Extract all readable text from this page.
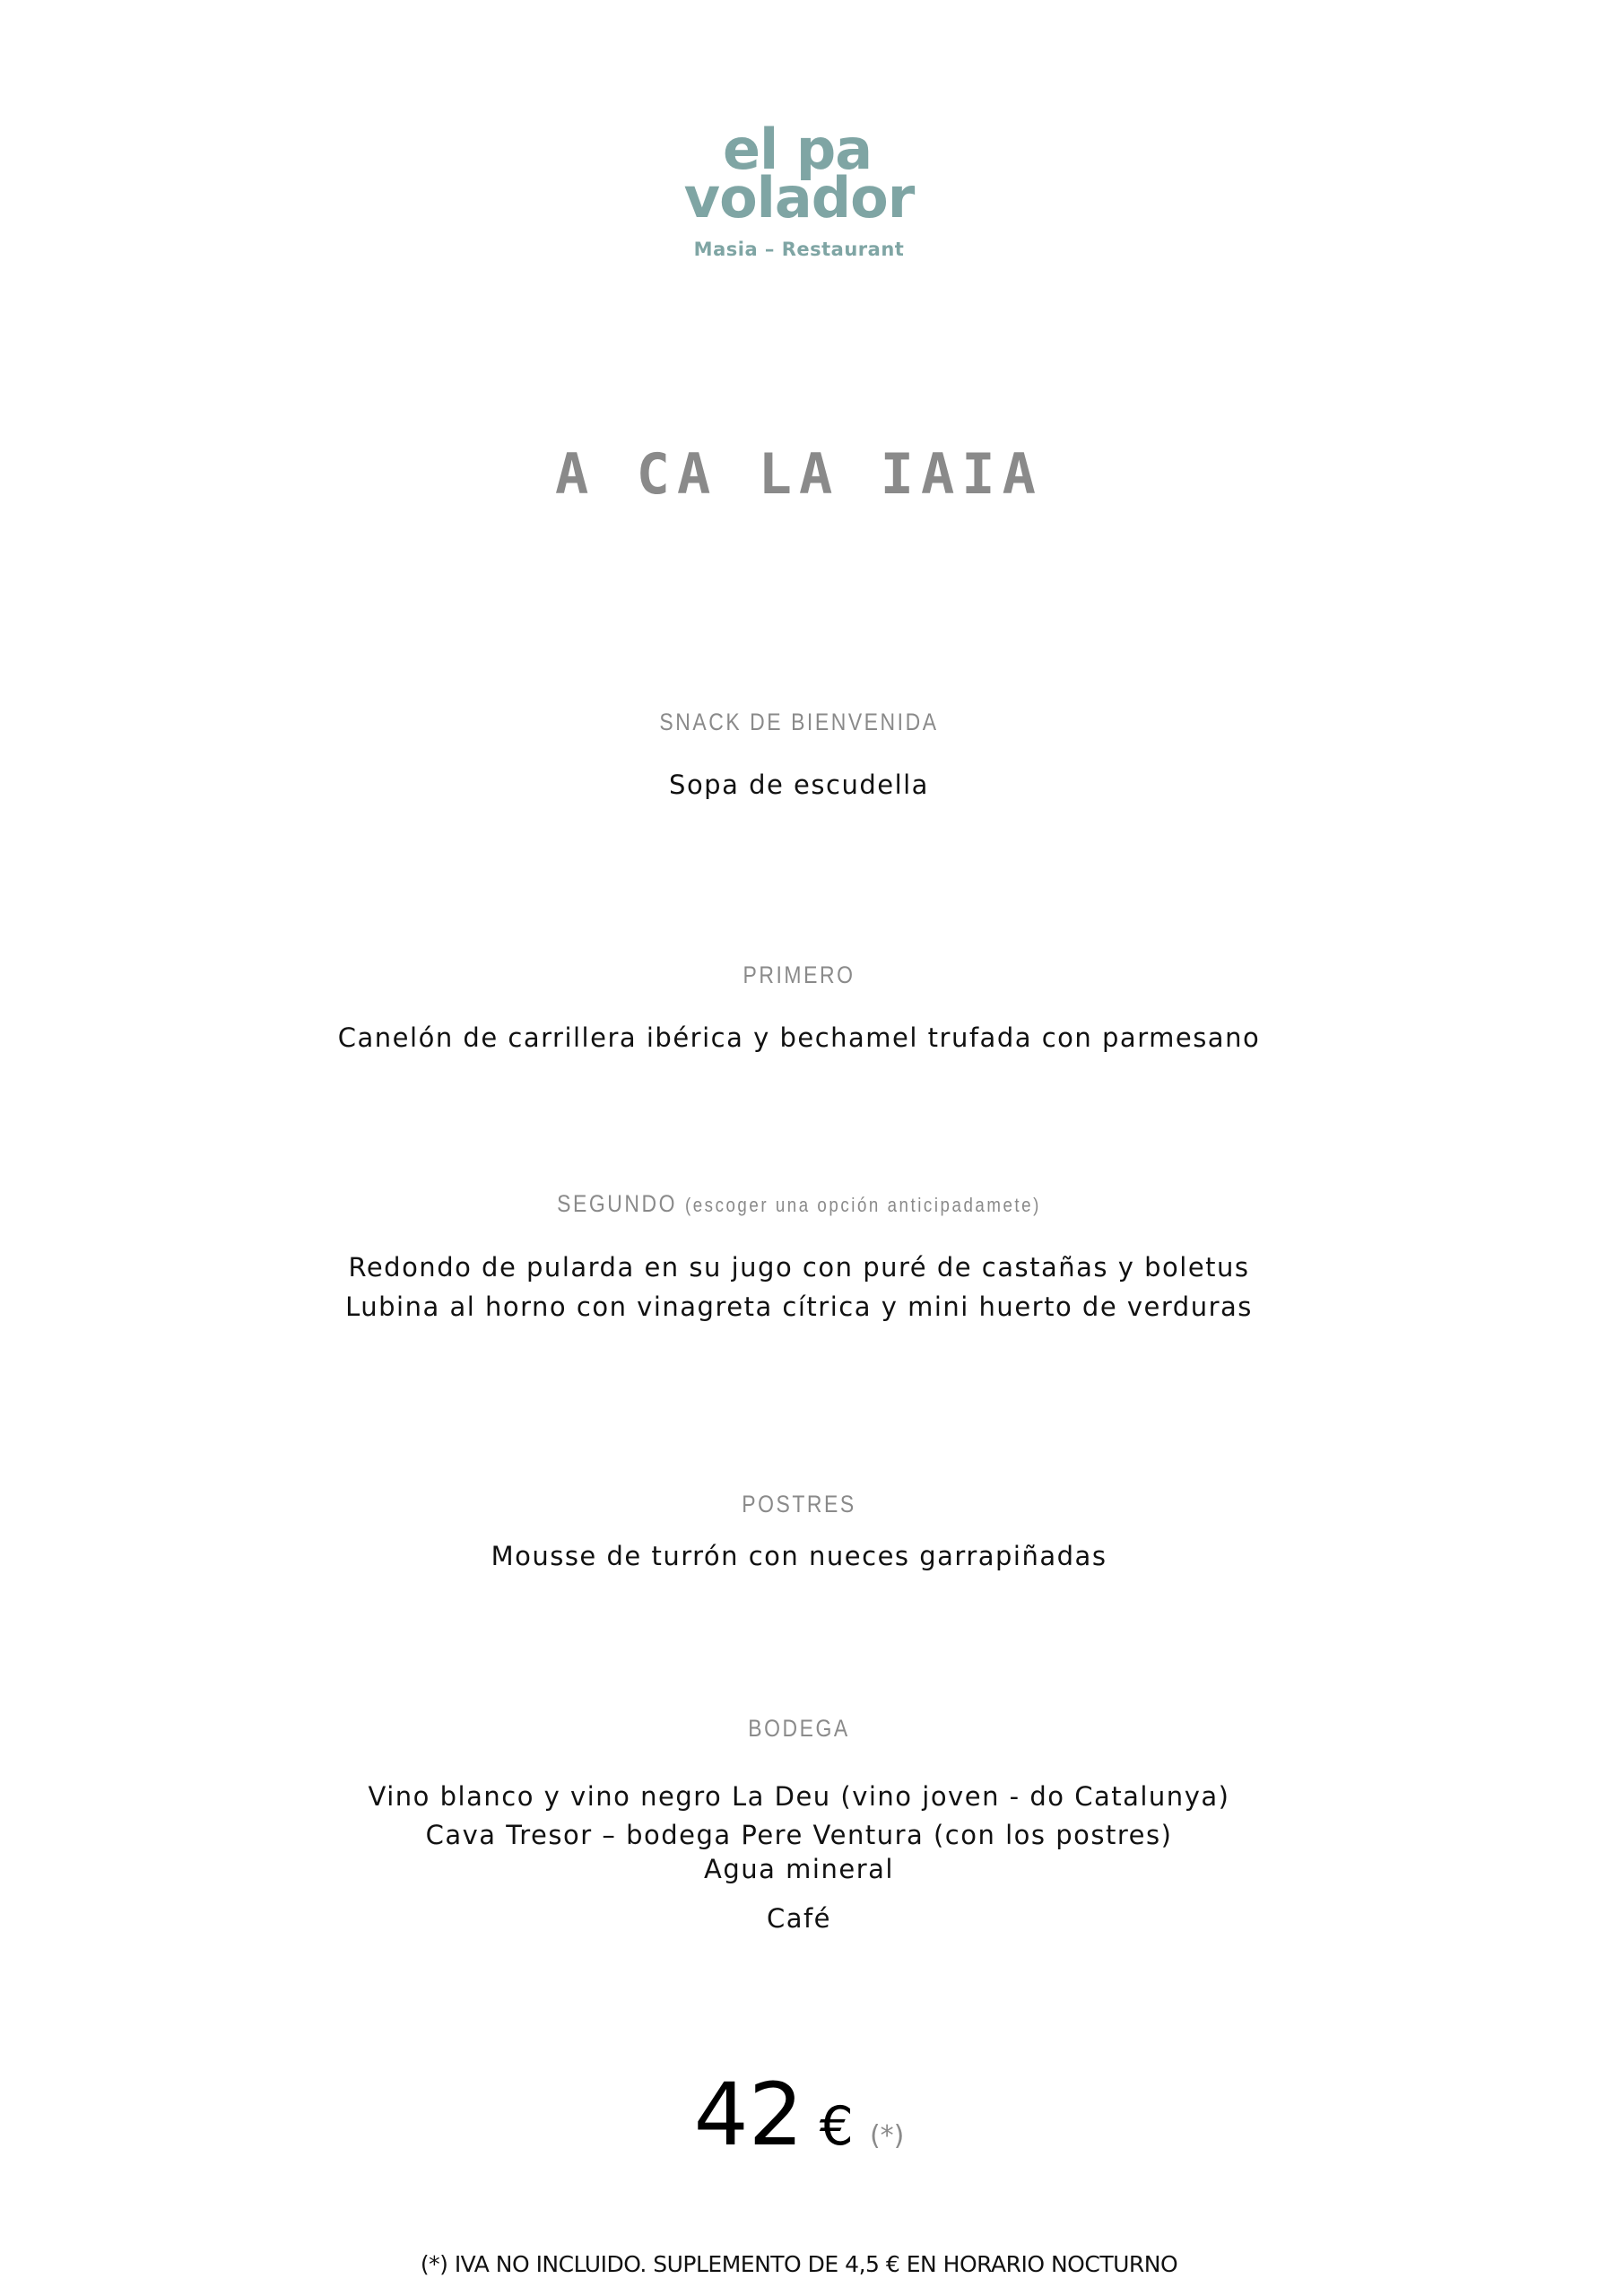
el pa
volador
Masia – Restaurant
A CA LA IAIA
SNACK DE BIENVENIDA
Sopa de escudella
PRIMERO
Canelón de carrillera ibérica y bechamel trufada con parmesano
SEGUNDO (escoger una opción anticipadamete)
Redondo de pularda en su jugo con puré de castañas y boletus
Lubina al horno con vinagreta cítrica y mini huerto de verduras
POSTRES
Mousse de turrón con nueces garrapiñadas
BODEGA
Vino blanco y vino negro La Deu (vino joven - do Catalunya)
Cava Tresor – bodega Pere Ventura (con los postres)
Agua mineral
Café
42 € (*)
(*) IVA NO INCLUIDO. SUPLEMENTO DE 4,5 € EN HORARIO NOCTURNO
